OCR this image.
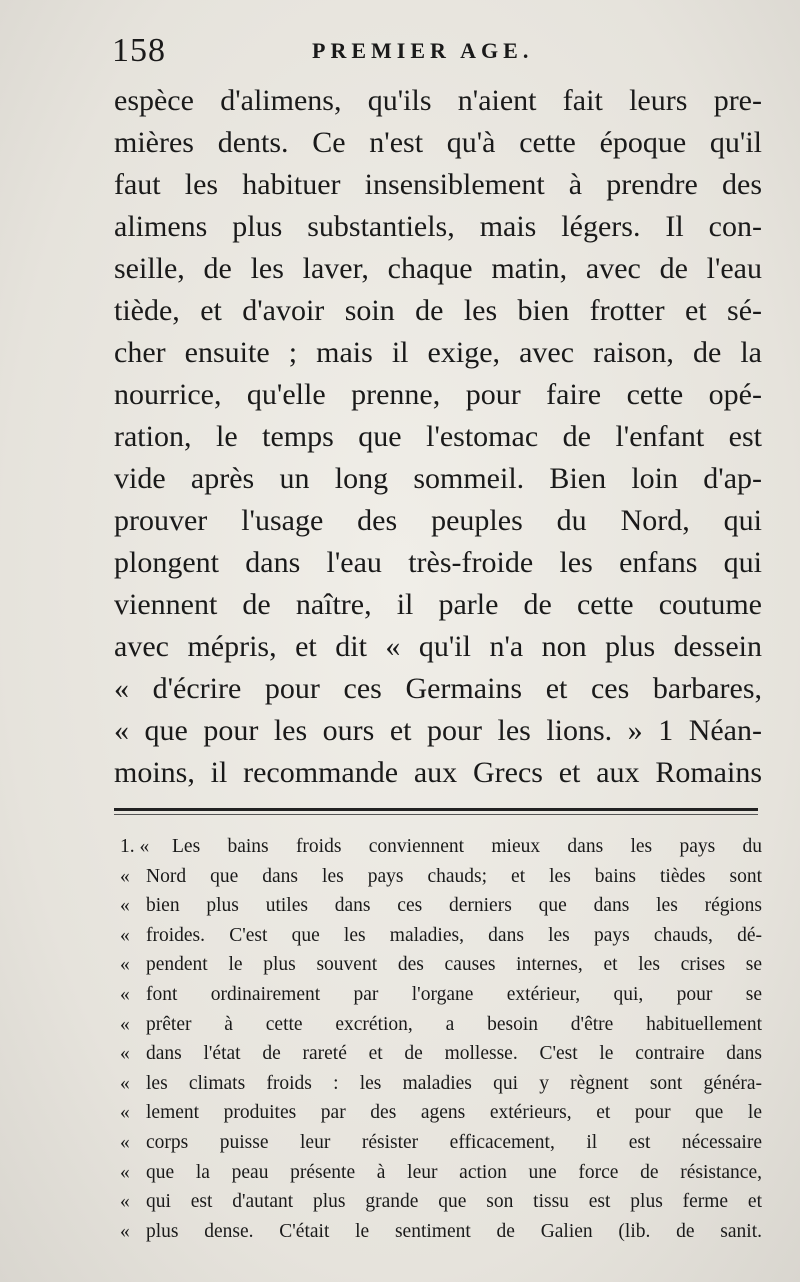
158	PREMIER AGE.
espèce d'alimens, qu'ils n'aient fait leurs pre-
mières dents. Ce n'est qu'à cette époque qu'il
faut les habituer insensiblement à prendre des
alimens plus substantiels, mais légers. Il con-
seille, de les laver, chaque matin, avec de l'eau
tiède, et d'avoir soin de les bien frotter et sé-
cher ensuite ; mais il exige, avec raison, de la
nourrice, qu'elle prenne, pour faire cette opé-
ration, le temps que l'estomac de l'enfant est
vide après un long sommeil. Bien loin d'ap-
prouver l'usage des peuples du Nord, qui
plongent dans l'eau très-froide les enfans qui
viennent de naître, il parle de cette coutume
avec mépris, et dit « qu'il n'a non plus dessein
« d'écrire pour ces Germains et ces barbares,
« que pour les ours et pour les lions. » 1 Néan-
moins, il recommande aux Grecs et aux Romains
1. «	Les bains froids conviennent mieux dans les pays du
« Nord que dans les pays chauds; et les bains tièdes sont
« bien plus utiles dans ces derniers que dans les régions
« froides. C'est que les maladies, dans les pays chauds, dé-
« pendent le plus souvent des causes internes, et les crises se
« font ordinairement par l'organe extérieur, qui, pour se
« prêter à cette excrétion, a besoin d'être habituellement
« dans l'état de rareté et de mollesse. C'est le contraire dans
« les climats froids : les maladies qui y règnent sont généra-
« lement produites par des agens extérieurs, et pour que le
« corps puisse leur résister efficacement, il est nécessaire
« que la peau présente à leur action une force de résistance,
« qui est d'autant plus grande que son tissu est plus ferme et
« plus dense. C'était le sentiment de Galien (lib. de sanit.
